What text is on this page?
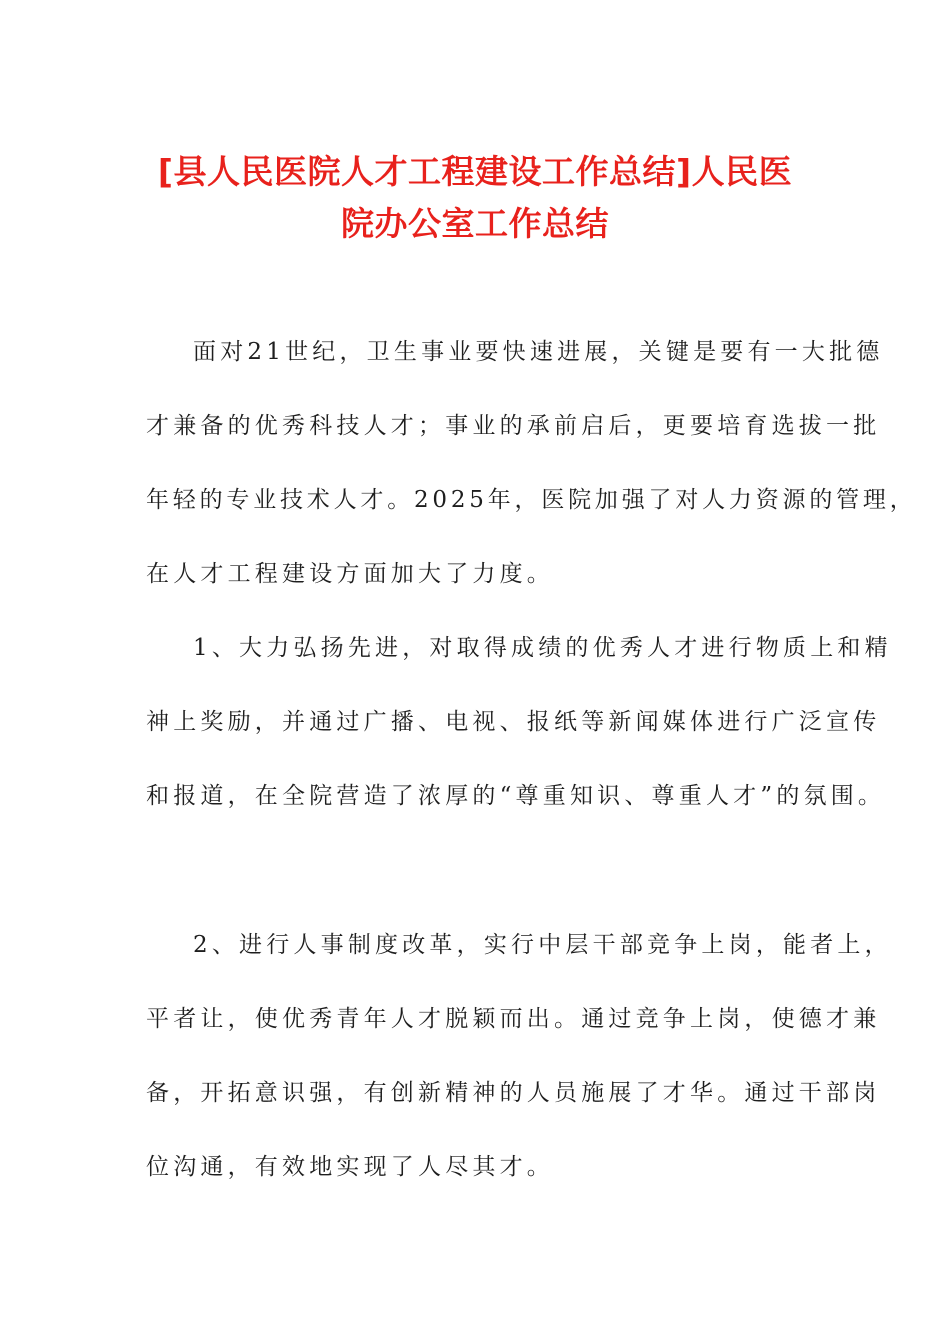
[县人民医院人才工程建设工作总结]人民医
院办公室工作总结
面对21世纪，卫生事业要快速进展，关键是要有一大批德
才兼备的优秀科技人才；事业的承前启后，更要培育选拔一批
年轻的专业技术人才。2025年，医院加强了对人力资源的管理，
在人才工程建设方面加大了力度。
1、大力弘扬先进，对取得成绩的优秀人才进行物质上和精
神上奖励，并通过广播、电视、报纸等新闻媒体进行广泛宣传
和报道，在全院营造了浓厚的“尊重知识、尊重人才”的氛围。
2、进行人事制度改革，实行中层干部竞争上岗，能者上，
平者让，使优秀青年人才脱颖而出。通过竞争上岗，使德才兼
备，开拓意识强，有创新精神的人员施展了才华。通过干部岗
位沟通，有效地实现了人尽其才。
